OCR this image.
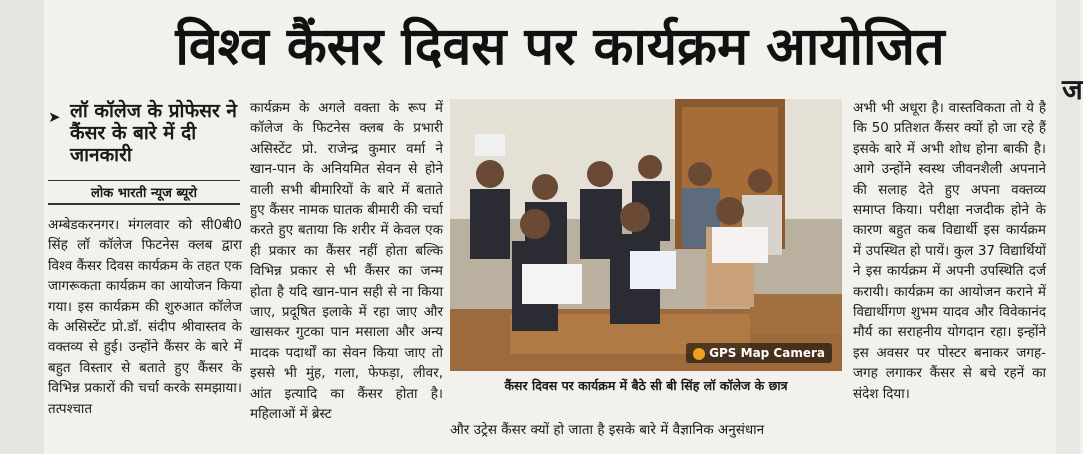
विश्व कैंसर दिवस पर कार्यक्रम आयोजित
➤ लॉ कॉलेज के प्रोफेसर ने कैंसर के बारे में दी जानकारी
लोक भारती न्यूज ब्यूरो
अम्बेडकरनगर। मंगलवार को सी0बी0 सिंह लॉ कॉलेज फिटनेस क्लब द्वारा विश्व कैंसर दिवस कार्यक्रम के तहत एक जागरूकता कार्यक्रम का आयोजन किया गया। इस कार्यक्रम की शुरुआत कॉलेज के असिस्टेंट प्रो.डॉ. संदीप श्रीवास्तव के वक्तव्य से हुई। उन्होंने कैंसर के बारे में बहुत विस्तार से बताते हुए कैंसर के विभिन्न प्रकारों की चर्चा करके समझाया। तत्पश्चात
कार्यक्रम के अगले वक्ता के रूप में कॉलेज के फिटनेस क्लब के प्रभारी असिस्टेंट प्रो. राजेन्द्र कुमार वर्मा ने खान-पान के अनियमित सेवन से होने वाली सभी बीमारियों के बारे में बताते हुए कैंसर नामक घातक बीमारी की चर्चा करते हुए बताया कि शरीर में केवल एक ही प्रकार का कैंसर नहीं होता बल्कि विभिन्न प्रकार से भी कैंसर का जन्म होता है यदि खान-पान सही से ना किया जाए, प्रदूषित इलाके में रहा जाए और खासकर गुटका पान मसाला और अन्य मादक पदार्थों का सेवन किया जाए तो इससे भी मुंह, गला, फेफड़ा, लीवर, आंत इत्यादि का कैंसर होता है। महिलाओं में ब्रेस्ट
GPS Map Camera
कैंसर दिवस पर कार्यक्रम में बैठे सी बी सिंह लॉ कॉलेज के छात्र
और उट्रेस कैंसर क्यों हो जाता है इसके बारे में वैज्ञानिक अनुसंधान
अभी भी अधूरा है। वास्तविकता तो ये है कि 50 प्रतिशत कैंसर क्यों हो जा रहे हैं इसके बारे में अभी शोध होना बाकी है। आगे उन्होंने स्वस्थ जीवनशैली अपनाने की सलाह देते हुए अपना वक्तव्य समाप्त किया। परीक्षा नजदीक होने के कारण बहुत कब विद्यार्थी इस कार्यक्रम में उपस्थित हो पायें। कुल 37 विद्यार्थियों ने इस कार्यक्रम में अपनी उपस्थिति दर्ज करायी। कार्यक्रम का आयोजन कराने में विद्यार्थीगण शुभम यादव और विवेकानंद मौर्य का सराहनीय योगदान रहा। इन्होंने इस अवसर पर पोस्टर बनाकर जगह-जगह लगाकर कैंसर से बचे रहनें का संदेश दिया।
ज
